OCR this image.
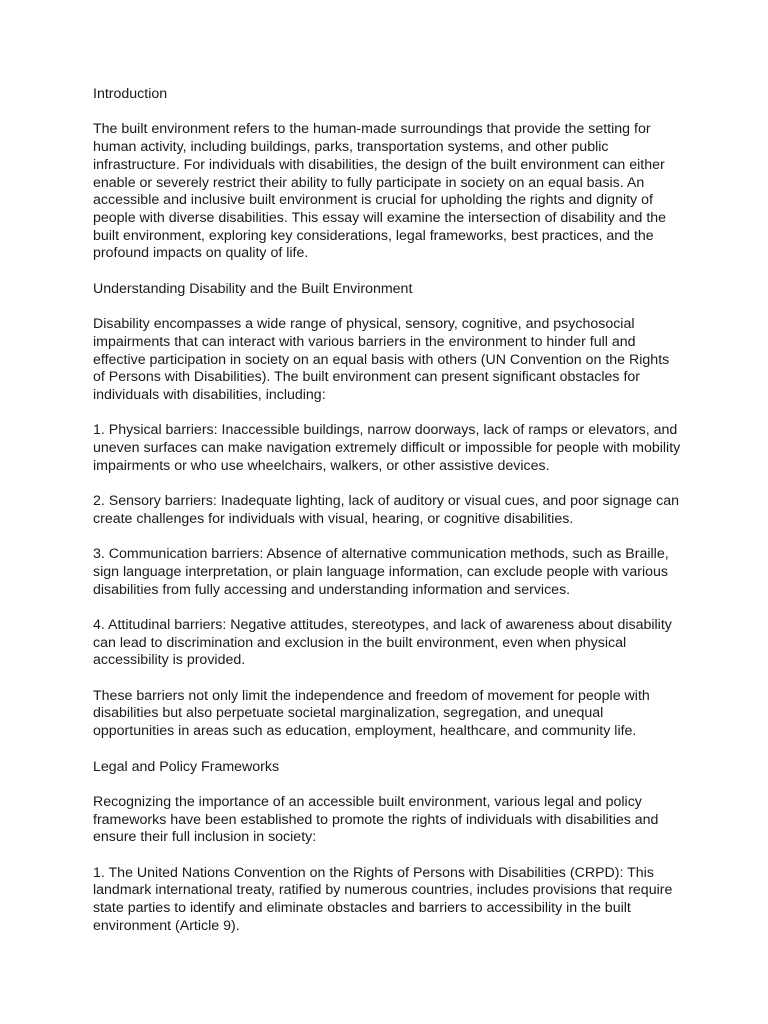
Introduction

The built environment refers to the human-made surroundings that provide the setting for human activity, including buildings, parks, transportation systems, and other public infrastructure. For individuals with disabilities, the design of the built environment can either enable or severely restrict their ability to fully participate in society on an equal basis. An accessible and inclusive built environment is crucial for upholding the rights and dignity of people with diverse disabilities. This essay will examine the intersection of disability and the built environment, exploring key considerations, legal frameworks, best practices, and the profound impacts on quality of life.

Understanding Disability and the Built Environment

Disability encompasses a wide range of physical, sensory, cognitive, and psychosocial impairments that can interact with various barriers in the environment to hinder full and effective participation in society on an equal basis with others (UN Convention on the Rights of Persons with Disabilities). The built environment can present significant obstacles for individuals with disabilities, including:

1. Physical barriers: Inaccessible buildings, narrow doorways, lack of ramps or elevators, and uneven surfaces can make navigation extremely difficult or impossible for people with mobility impairments or who use wheelchairs, walkers, or other assistive devices.

2. Sensory barriers: Inadequate lighting, lack of auditory or visual cues, and poor signage can create challenges for individuals with visual, hearing, or cognitive disabilities.

3. Communication barriers: Absence of alternative communication methods, such as Braille, sign language interpretation, or plain language information, can exclude people with various disabilities from fully accessing and understanding information and services.

4. Attitudinal barriers: Negative attitudes, stereotypes, and lack of awareness about disability can lead to discrimination and exclusion in the built environment, even when physical accessibility is provided.

These barriers not only limit the independence and freedom of movement for people with disabilities but also perpetuate societal marginalization, segregation, and unequal opportunities in areas such as education, employment, healthcare, and community life.

Legal and Policy Frameworks

Recognizing the importance of an accessible built environment, various legal and policy frameworks have been established to promote the rights of individuals with disabilities and ensure their full inclusion in society:

1. The United Nations Convention on the Rights of Persons with Disabilities (CRPD): This landmark international treaty, ratified by numerous countries, includes provisions that require state parties to identify and eliminate obstacles and barriers to accessibility in the built environment (Article 9).
